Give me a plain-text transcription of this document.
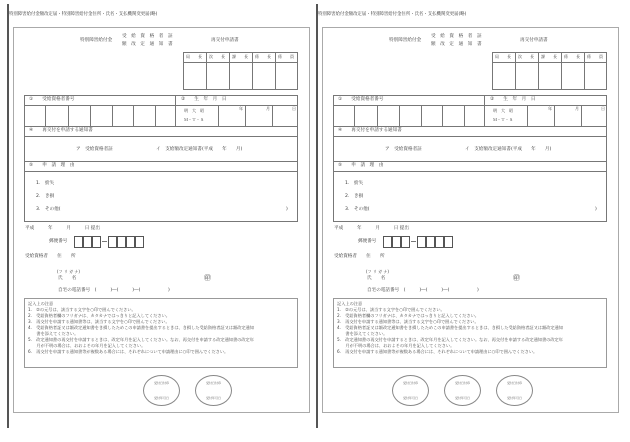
特別障害給付金額改定届・特別障害給付金住所・氏名・支払機関変更届(略)
特別障害給付金
受　給　資　格　者　証
額　改　定　通　知　書
再交付申請書
局　　長 次　　長 課　　長 係　　長 係　　員
①　　受給資格者番号	②　　生　年　月　日
明　大　昭
Ｍ・Ｔ・Ｓ
年	月	日
④　　再交付を申請する通知書
ア　受給資格者証	イ　支給額改定通知書(平成　　年　　月)
⑤　　申　請　理　由
1.　紛失
2.　き損
3.　その他(	)
平成　　　年　　　月　　　日 提出
郵便番号
受給資格者　　住　　所
(フ リ ガ ナ)
氏　　名	㊞
自宅の電話番号　(　　　)―(　　　)―(　　　　　　)
記入上の注意
1.　②の元号は、該当する文字を○印で囲んでください。
2.　受給資格者欄のフリガナは、カタカナではっきりと記入してください。
3.　再交付を申請する通知書等は、該当する文字を○印で囲んでください。
4.　受給資格者証又は額改定通知書をき損したためこの申請書を提出するときは、き損した受給資格者証又は額改定通知
　　書を添えてください。
5.　改定通知書の再交付を申請するときは、改定年月を記入してください。なお、再交付を申請する改定通知書の改定年
　　月が不明の場合は、おおよその年月を記入してください。
6.　再交付を申請する通知書等が複数ある場合には、それぞれについて申請理由に○印で囲んでください。
受付日付印
受付年月日
受付日付印
受付年月日
特別障害給付金額改定届・特別障害給付金住所・氏名・支払機関変更届(略)
特別障害給付金
受　給　資　格　者　証
額　改　定　通　知　書
再交付申請書
局　　長 次　　長 課　　長 係　　長 係　　員
①　　受給資格者番号	②　　生　年　月　日
明　大　昭
Ｍ・Ｔ・Ｓ
年	月	日
④　　再交付を申請する通知書
ア　受給資格者証	イ　支給額改定通知書(平成　　年　　月)
⑤　　申　請　理　由
1.　紛失
2.　き損
3.　その他(	)
平成　　　年　　　月　　　日 提出
郵便番号
受給資格者　　住　　所
(フ リ ガ ナ)
氏　　名	㊞
自宅の電話番号　(　　　)―(　　　)―(　　　　　　)
記入上の注意
1.　②の元号は、該当する文字を○印で囲んでください。
2.　受給資格者欄のフリガナは、カタカナではっきりと記入してください。
3.　再交付を申請する通知書等は、該当する文字を○印で囲んでください。
4.　受給資格者証又は額改定通知書をき損したためこの申請書を提出するときは、き損した受給資格者証又は額改定通知
　　書を添えてください。
5.　改定通知書の再交付を申請するときは、改定年月を記入してください。なお、再交付を申請する改定通知書の改定年
　　月が不明の場合は、おおよその年月を記入してください。
6.　再交付を申請する通知書等が複数ある場合には、それぞれについて申請理由に○印で囲んでください。
受付日付印
受付年月日
受付日付印
受付年月日
受付日付印
受付年月日
